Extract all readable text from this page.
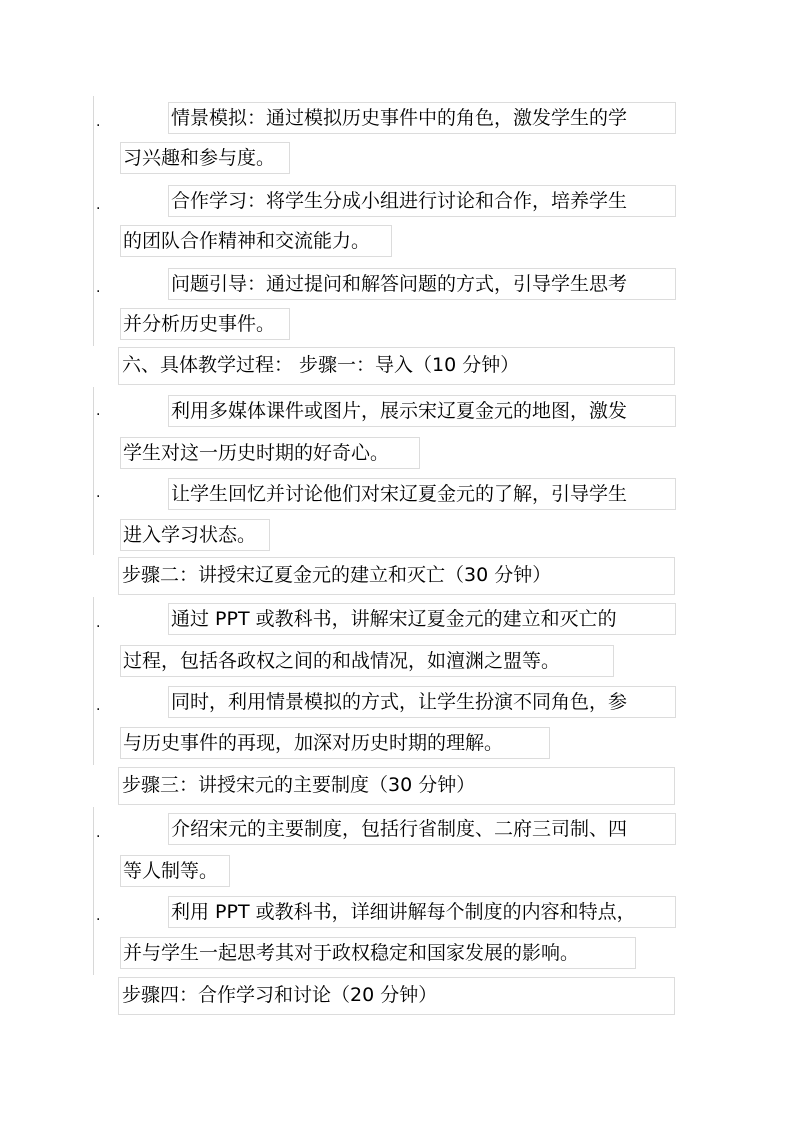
.	情景模拟：通过模拟历史事件中的角色，激发学生的学
习兴趣和参与度。
.	合作学习：将学生分成小组进行讨论和合作，培养学生
的团队合作精神和交流能力。
.	问题引导：通过提问和解答问题的方式，引导学生思考
并分析历史事件。
六、具体教学过程： 步骤一：导入（10 分钟）
.	利用多媒体课件或图片，展示宋辽夏金元的地图，激发
学生对这一历史时期的好奇心。
.	让学生回忆并讨论他们对宋辽夏金元的了解，引导学生
进入学习状态。
步骤二：讲授宋辽夏金元的建立和灭亡（30 分钟）
.	通过 PPT 或教科书，讲解宋辽夏金元的建立和灭亡的
过程，包括各政权之间的和战情况，如澶渊之盟等。
.	同时，利用情景模拟的方式，让学生扮演不同角色，参
与历史事件的再现，加深对历史时期的理解。
步骤三：讲授宋元的主要制度（30 分钟）
.	介绍宋元的主要制度，包括行省制度、二府三司制、四
等人制等。
.	利用 PPT 或教科书，详细讲解每个制度的内容和特点，
并与学生一起思考其对于政权稳定和国家发展的影响。
步骤四：合作学习和讨论（20 分钟）
